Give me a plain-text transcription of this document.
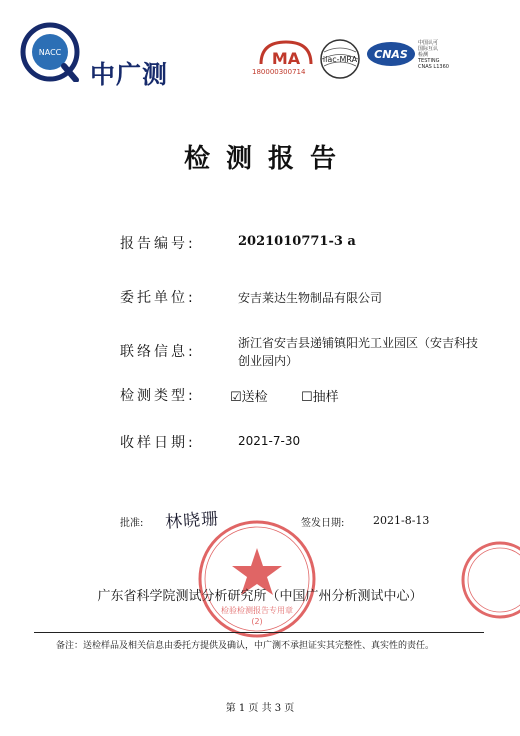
NACC
中广测
MA
180000300714
ilac-MRA CNAS
中国认可
国际互认
检测
TESTING
CNAS L1360
检测报告
报告编号:	2021010771-3 a
委托单位:	安吉莱达生物制品有限公司
联络信息:
浙江省安吉县递铺镇阳光工业园区（安吉科技创业园内）
检测类型:	☑送检	☐抽样
收样日期:	2021-7-30
批准: 林晓珊	签发日期:	2021-8-13
检验检测报告专用章
(2)
广东省科学院测试分析研究所（中国广州分析测试中心）
备注：送检样品及相关信息由委托方提供及确认，中广测不承担证实其完整性、真实性的责任。
第 1 页 共 3 页
